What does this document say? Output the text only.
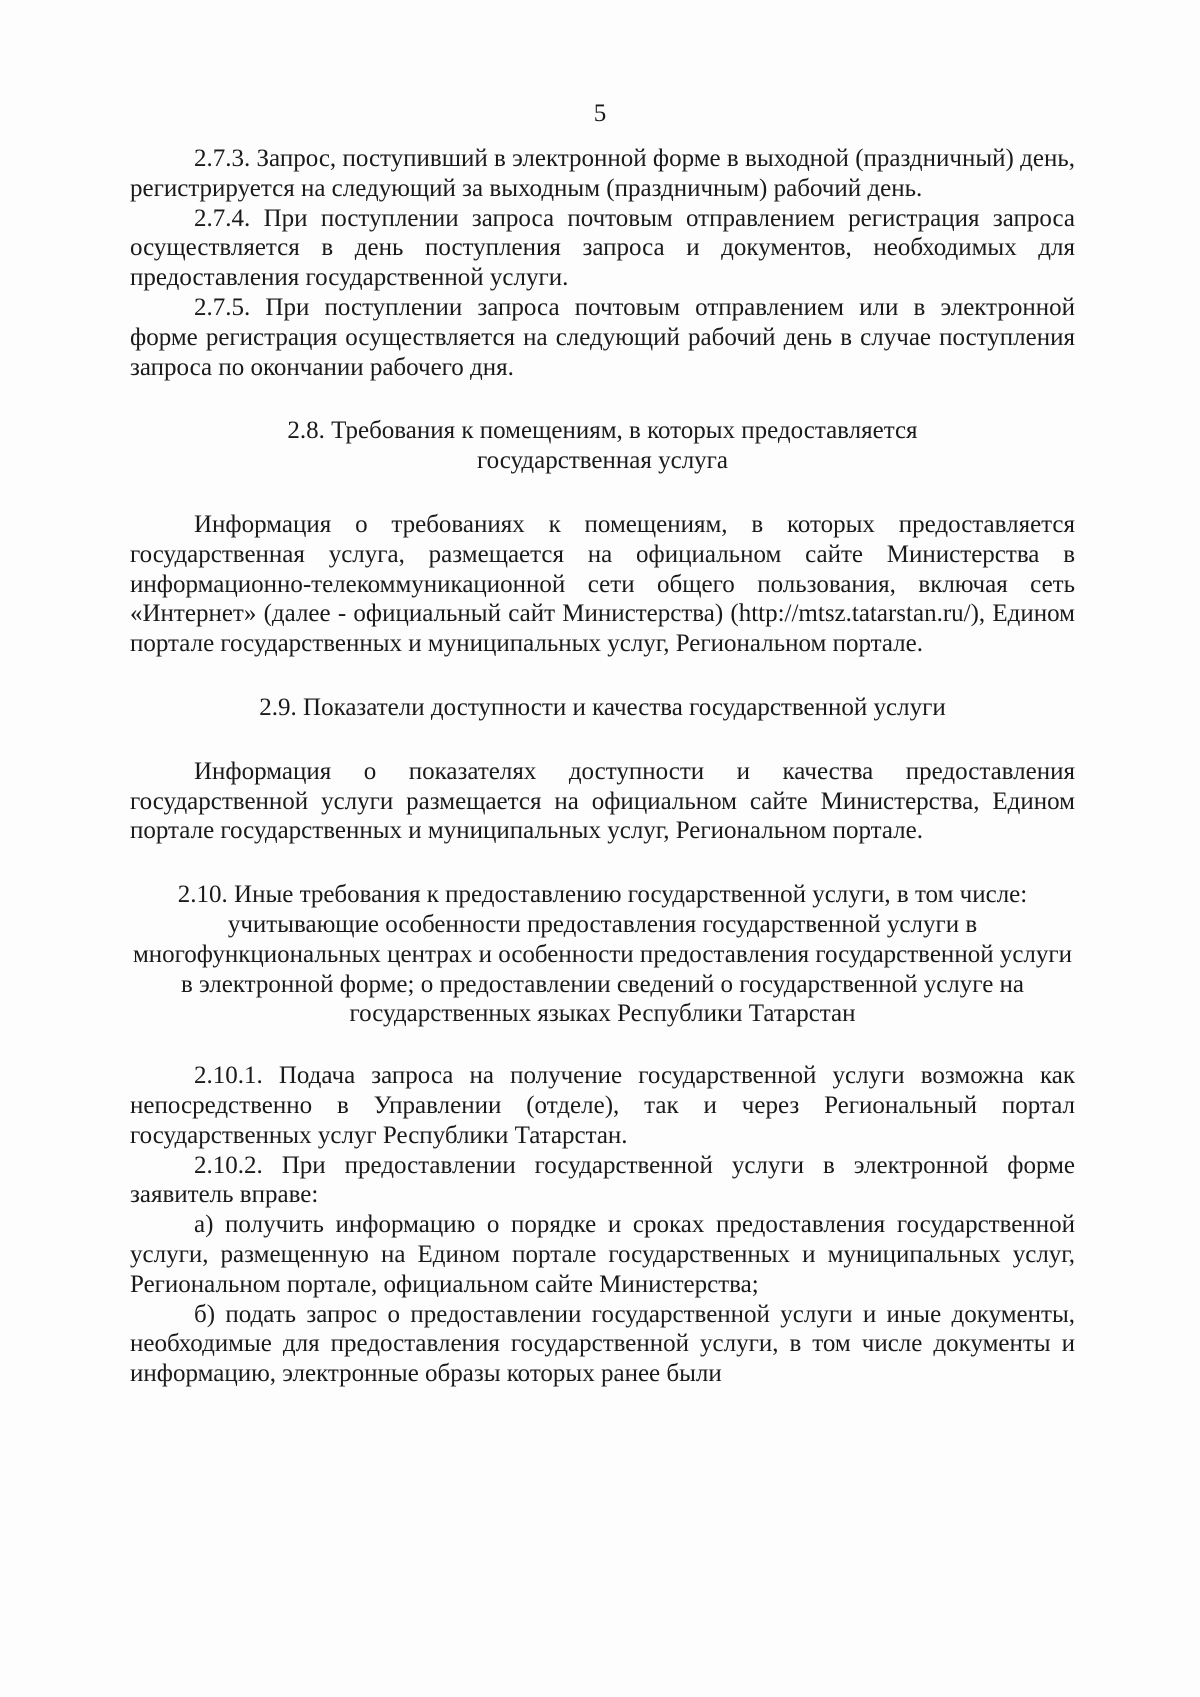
5

2.7.3. Запрос, поступивший в электронной форме в выходной (праздничный) день, регистрируется на следующий за выходным (праздничным) рабочий день.

2.7.4. При поступлении запроса почтовым отправлением регистрация запроса осуществляется в день поступления запроса и документов, необходимых для предоставления государственной услуги.

2.7.5. При поступлении запроса почтовым отправлением или в электронной форме регистрация осуществляется на следующий рабочий день в случае поступления запроса по окончании рабочего дня.

2.8. Требования к помещениям, в которых предоставляется государственная услуга

Информация о требованиях к помещениям, в которых предоставляется государственная услуга, размещается на официальном сайте Министерства в информационно-телекоммуникационной сети общего пользования, включая сеть «Интернет» (далее - официальный сайт Министерства) (http://mtsz.tatarstan.ru/), Едином портале государственных и муниципальных услуг, Региональном портале.

2.9. Показатели доступности и качества государственной услуги

Информация о показателях доступности и качества предоставления государственной услуги размещается на официальном сайте Министерства, Едином портале государственных и муниципальных услуг, Региональном портале.

2.10. Иные требования к предоставлению государственной услуги, в том числе: учитывающие особенности предоставления государственной услуги в многофункциональных центрах и особенности предоставления государственной услуги в электронной форме; о предоставлении сведений о государственной услуге на государственных языках Республики Татарстан

2.10.1. Подача запроса на получение государственной услуги возможна как непосредственно в Управлении (отделе), так и через Региональный портал государственных услуг Республики Татарстан.

2.10.2. При предоставлении государственной услуги в электронной форме заявитель вправе:

а) получить информацию о порядке и сроках предоставления государственной услуги, размещенную на Едином портале государственных и муниципальных услуг, Региональном портале, официальном сайте Министерства;

б) подать запрос о предоставлении государственной услуги и иные документы, необходимые для предоставления государственной услуги, в том числе документы и информацию, электронные образы которых ранее были
